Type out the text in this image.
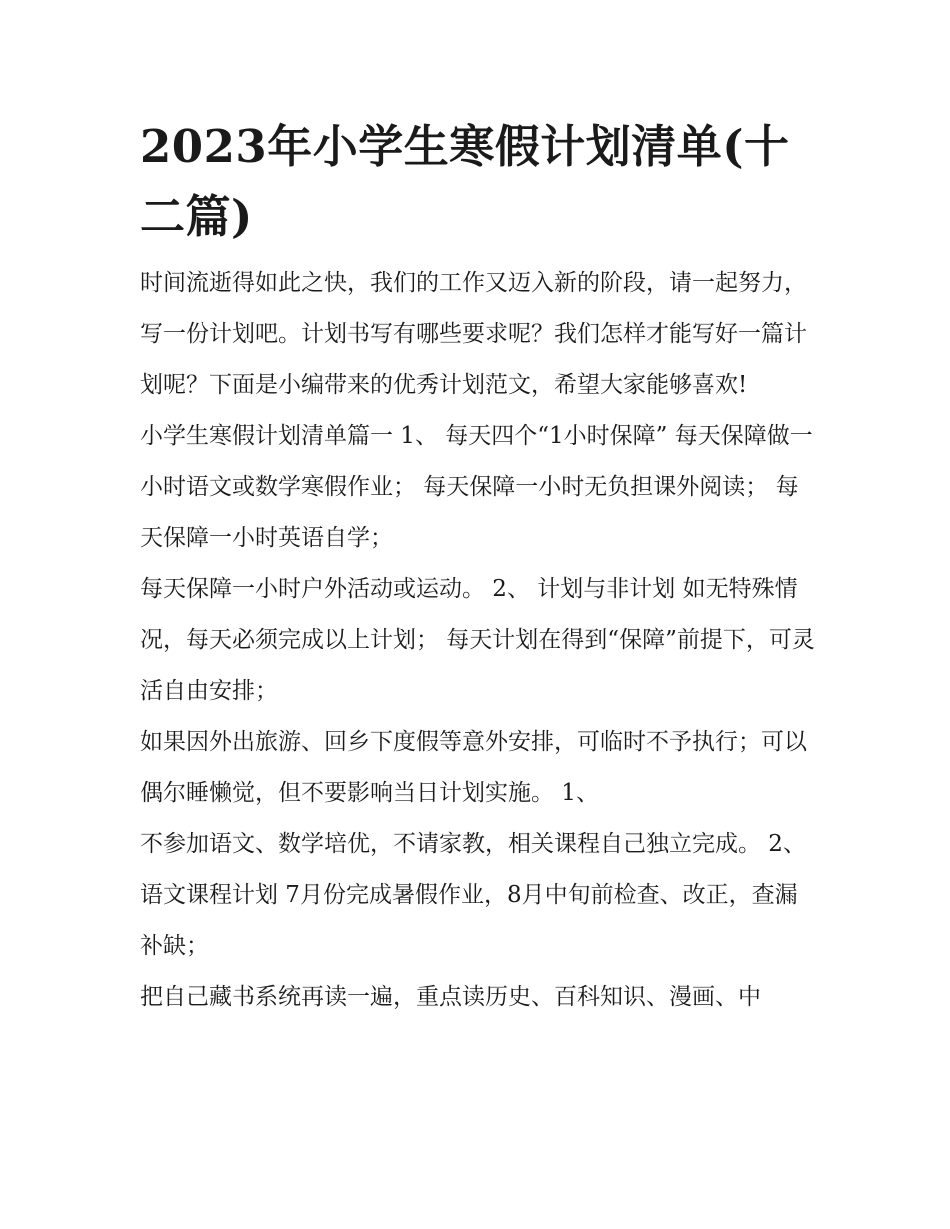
2023年小学生寒假计划清单(十二篇)

时间流逝得如此之快，我们的工作又迈入新的阶段，请一起努力，写一份计划吧。计划书写有哪些要求呢？我们怎样才能写好一篇计划呢？下面是小编带来的优秀计划范文，希望大家能够喜欢!

小学生寒假计划清单篇一 1、 每天四个“1小时保障” 每天保障做一小时语文或数学寒假作业； 每天保障一小时无负担课外阅读； 每天保障一小时英语自学；

每天保障一小时户外活动或运动。 2、 计划与非计划 如无特殊情况，每天必须完成以上计划； 每天计划在得到“保障”前提下，可灵活自由安排；

如果因外出旅游、回乡下度假等意外安排，可临时不予执行；可以偶尔睡懒觉，但不要影响当日计划实施。 1、

不参加语文、数学培优，不请家教，相关课程自己独立完成。 2、 语文课程计划 7月份完成暑假作业，8月中旬前检查、改正，查漏补缺；

把自己藏书系统再读一遍，重点读历史、百科知识、漫画、中
